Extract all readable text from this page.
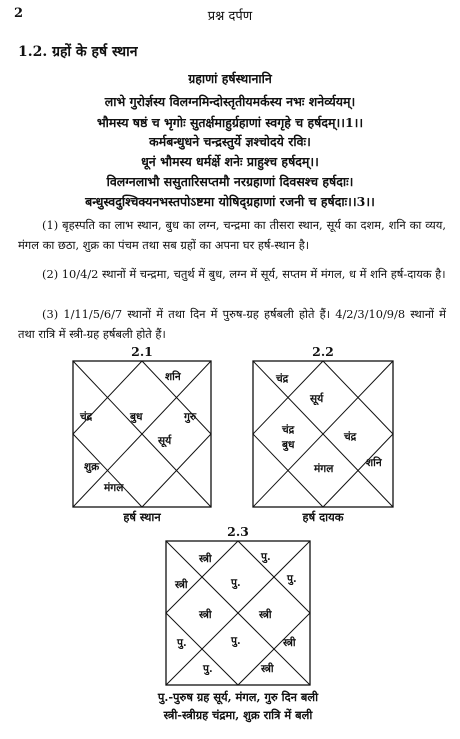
2	प्रश्न दर्पण
1.2. ग्रहों के हर्ष स्थान
ग्रहाणां हर्षस्थानानि
लाभे गुरोर्ज्ञस्य विलग्नमिन्दोस्तृतीयमर्कस्य नभः शनेर्व्ययम्।
भौमस्य षष्ठं च भृगोः सुतर्क्षमाहुर्ग्रहाणां स्वगृहे च हर्षदम्।।1।।
कर्मबन्धुधने चन्द्रस्तुर्ये ज्ञश्चोदये रविः।
धूनं भौमस्य धर्मर्क्षे शनेः प्राहुश्च हर्षदम्।।
विलग्नलाभौ ससुतारिसप्तमौ नरग्रहाणां दिवसश्च हर्षदाः।
बन्धुस्वदुश्चिक्यनभस्तपोऽष्टमा योषिद्ग्रहाणां रजनी च हर्षदाः।।3।।
(1) बृहस्पति का लाभ स्थान, बुध का लग्न, चन्द्रमा का तीसरा स्थान, सूर्य का दशम, शनि का व्यय, मंगल का छठा, शुक्र का पंचम तथा सब ग्रहों का अपना घर हर्ष-स्थान है।
(2) 10/4/2 स्थानों में चन्द्रमा, चतुर्थ में बुध, लग्न में सूर्य, सप्तम में मंगल, ध में शनि हर्ष-दायक है।
(3) 1/11/5/6/7 स्थानों में तथा दिन में पुरुष-ग्रह हर्षबली होते हैं। 4/2/3/10/9/8 स्थानों में तथा रात्रि में स्त्री-ग्रह हर्षबली होते हैं।
2.1
शनि
चंद्र	बुध	गुरु
सूर्य
शुक्र
मंगल
हर्ष स्थान
2.2
चंद्र
सूर्य
चंद्र
बुध
चंद्र
मंगल	शनि
हर्ष दायक
2.3
स्त्री	पु.
स्त्री	पु.	पु.
स्त्री	स्त्री
पु.	पु.	स्त्री
पु.	स्त्री
पु.-पुरुष ग्रह सूर्य, मंगल, गुरु दिन बली
स्त्री-स्त्रीग्रह चंद्रमा, शुक्र रात्रि में बली
